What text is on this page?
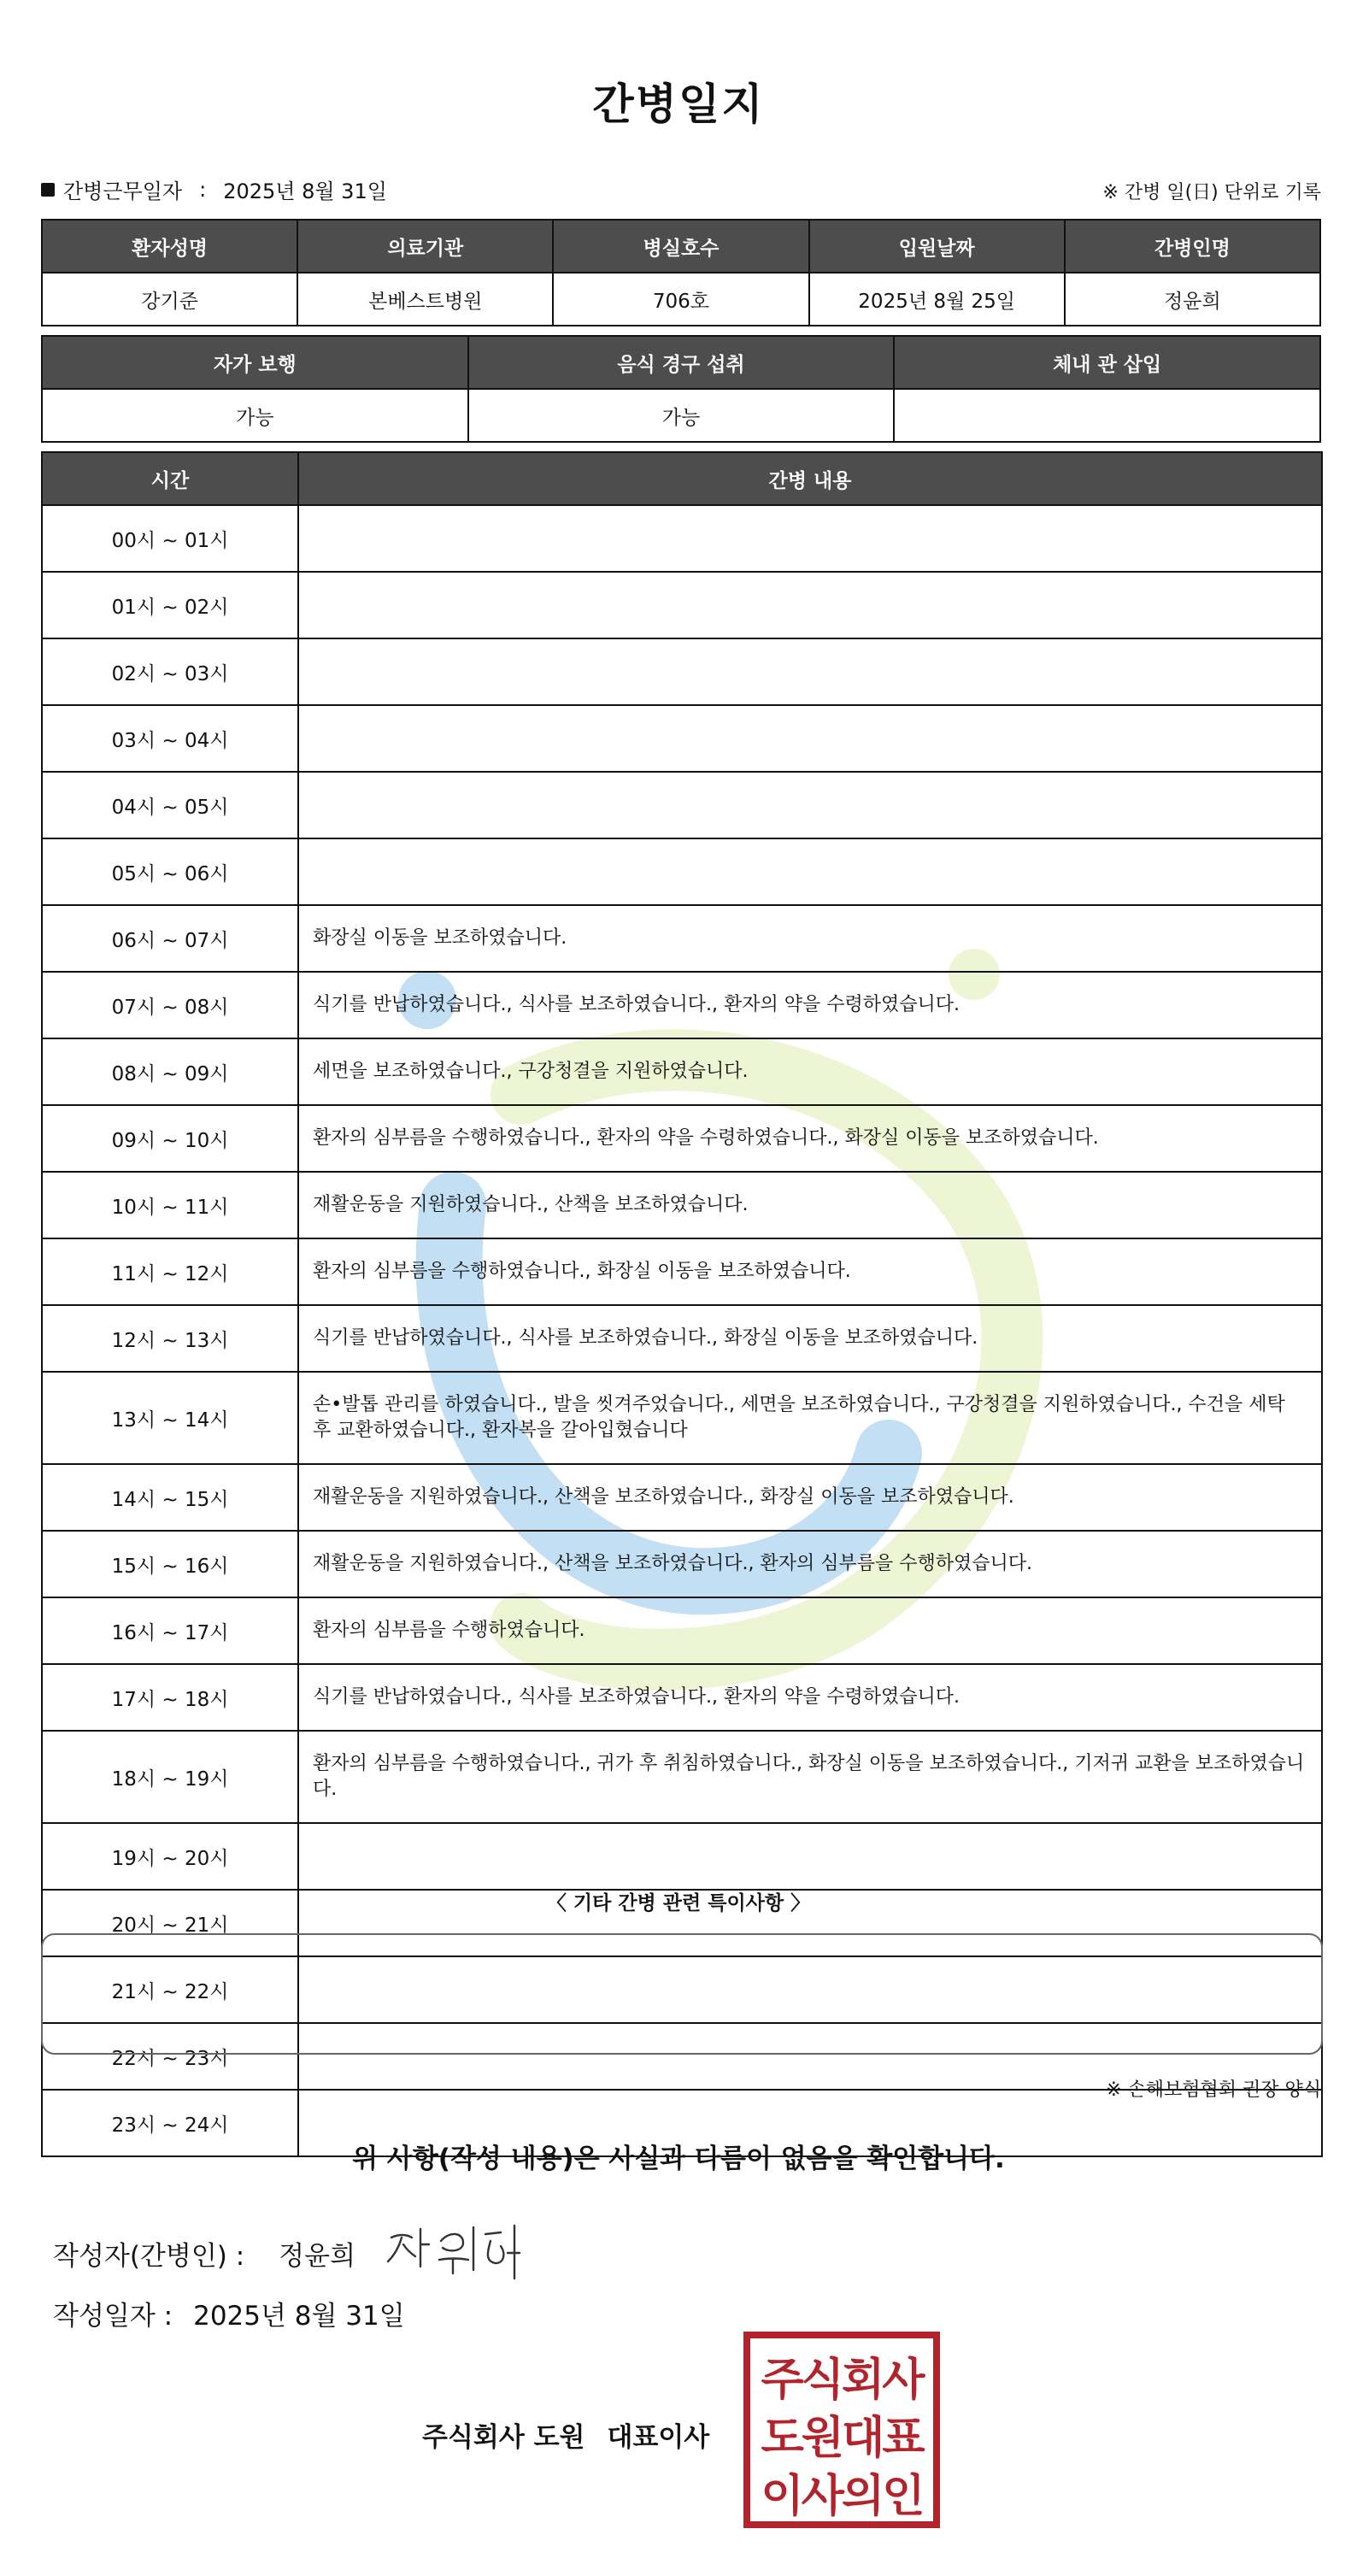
간병일지
간병근무일자 : 2025년 8월 31일	※ 간병 일(日) 단위로 기록
환자성명	의료기관	병실호수	입원날짜	간병인명
강기준	본베스트병원	706호	2025년 8월 25일	정윤희
자가 보행	음식 경구 섭취	체내 관 삽입
가능	가능	
시간	간병 내용
00시 ~ 01시	
01시 ~ 02시	
02시 ~ 03시	
03시 ~ 04시	
04시 ~ 05시	
05시 ~ 06시	
06시 ~ 07시	화장실 이동을 보조하였습니다.
07시 ~ 08시	식기를 반납하였습니다., 식사를 보조하였습니다., 환자의 약을 수령하였습니다.
08시 ~ 09시	세면을 보조하였습니다., 구강청결을 지원하였습니다.
09시 ~ 10시	환자의 심부름을 수행하였습니다., 환자의 약을 수령하였습니다., 화장실 이동을 보조하였습니다.
10시 ~ 11시	재활운동을 지원하였습니다., 산책을 보조하였습니다.
11시 ~ 12시	환자의 심부름을 수행하였습니다., 화장실 이동을 보조하였습니다.
12시 ~ 13시	식기를 반납하였습니다., 식사를 보조하였습니다., 화장실 이동을 보조하였습니다.
13시 ~ 14시	손•발톱 관리를 하였습니다., 발을 씻겨주었습니다., 세면을 보조하였습니다., 구강청결을 지원하였습니다., 수건을 세탁 후 교환하였습니다., 환자복을 갈아입혔습니다
14시 ~ 15시	재활운동을 지원하였습니다., 산책을 보조하였습니다., 화장실 이동을 보조하였습니다.
15시 ~ 16시	재활운동을 지원하였습니다., 산책을 보조하였습니다., 환자의 심부름을 수행하였습니다.
16시 ~ 17시	환자의 심부름을 수행하였습니다.
17시 ~ 18시	식기를 반납하였습니다., 식사를 보조하였습니다., 환자의 약을 수령하였습니다.
18시 ~ 19시	환자의 심부름을 수행하였습니다., 귀가 후 취침하였습니다., 화장실 이동을 보조하였습니다., 기저귀 교환을 보조하였습니다.
19시 ~ 20시	
20시 ~ 21시	
21시 ~ 22시	
22시 ~ 23시	
23시 ~ 24시	
〈 기타 간병 관련 특이사항 〉
※ 손해보험협회 권장 양식
위 사항(작성 내용)은 사실과 다름이 없음을 확인합니다.
작성자(간병인) : 정윤희
작성일자 : 2025년 8월 31일
주식회사 도원 대표이사
주식회사
도원대표
이사의인
